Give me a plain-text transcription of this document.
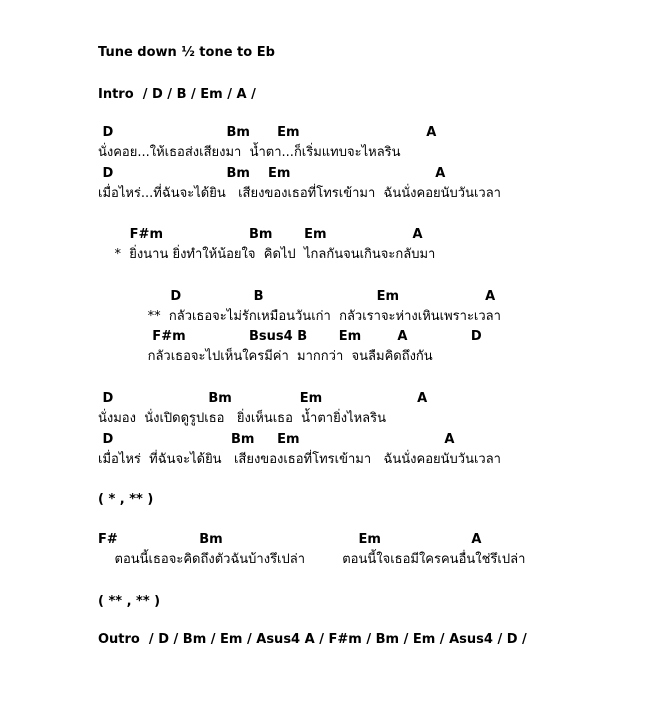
Tune down ½ tone to Eb
Intro  / D / B / Em / A /
D                         Bm      Em                            A
นั่งคอย...ให้เธอส่งเสียงมา  น้ำตา...ก็เริ่มแทบจะไหลริน
D                         Bm    Em                                A
เมื่อไหร่...ที่ฉันจะได้ยิน   เสียงของเธอที่โทรเข้ามา  ฉันนั่งคอยนับวันเวลา
F#m                   Bm       Em                   A
*  ยิ่งนาน ยิ่งทำให้น้อยใจ  คิดไป  ไกลกันจนเกินจะกลับมา
D                B                         Em                   A
**  กลัวเธอจะไม่รักเหมือนวันเก่า  กลัวเราจะห่างเหินเพราะเวลา
F#m              Bsus4 B       Em        A              D
กลัวเธอจะไปเห็นใครมีค่า  มากกว่า  จนลืมคิดถึงกัน
D                     Bm               Em                     A
นั่งมอง  นั่งเปิดดูรูปเธอ   ยิ่งเห็นเธอ  น้ำตายิ่งไหลริน
D                          Bm     Em                                A
เมื่อไหร่  ที่ฉันจะได้ยิน   เสียงของเธอที่โทรเข้ามา   ฉันนั่งคอยนับวันเวลา
( * , ** )
F#                  Bm                              Em                    A
ตอนนี้เธอจะคิดถึงตัวฉันบ้างรึเปล่า         ตอนนี้ใจเธอมีใครคนอื่นใช่รึเปล่า
( ** , ** )
Outro  / D / Bm / Em / Asus4 A / F#m / Bm / Em / Asus4 / D /
